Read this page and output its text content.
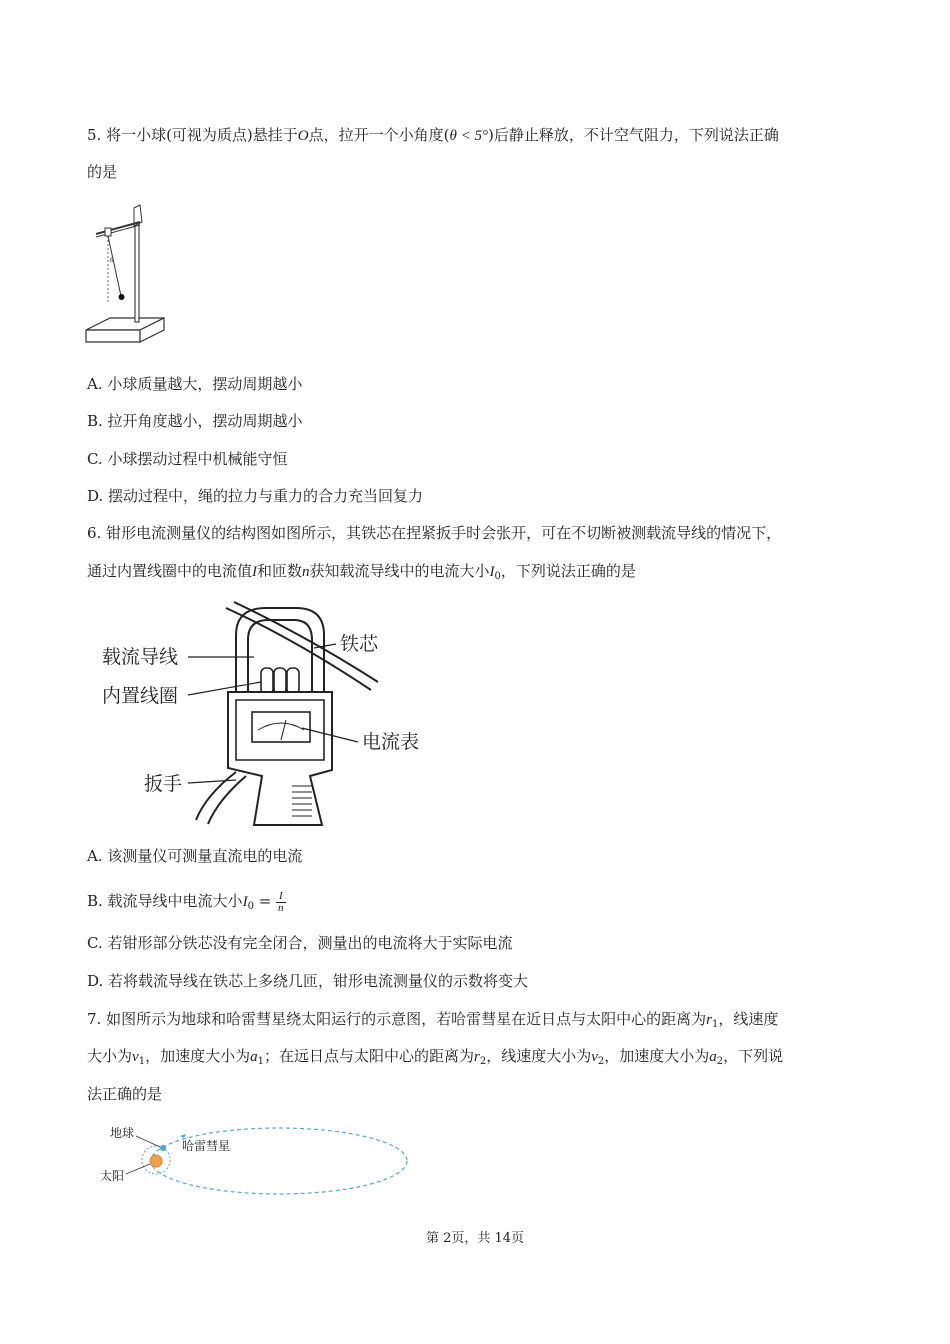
5. 将一小球(可视为质点)悬挂于O点，拉开一个小角度(θ < 5°)后静止释放，不计空气阻力，下列说法正确
的是
θ
A. 小球质量越大，摆动周期越小
B. 拉开角度越小，摆动周期越小
C. 小球摆动过程中机械能守恒
D. 摆动过程中，绳的拉力与重力的合力充当回复力
6. 钳形电流测量仪的结构图如图所示，其铁芯在捏紧扳手时会张开，可在不切断被测载流导线的情况下，
通过内置线圈中的电流值I和匝数n获知载流导线中的电流大小$I_0$，下列说法正确的是
铁芯
载流导线
内置线圈
电流表
扳手
A. 该测量仪可测量直流电的电流
B. 载流导线中电流大小$I_0 = \frac{I}{n}$
C. 若钳形部分铁芯没有完全闭合，测量出的电流将大于实际电流
D. 若将载流导线在铁芯上多绕几匝，钳形电流测量仪的示数将变大
7. 如图所示为地球和哈雷彗星绕太阳运行的示意图，若哈雷彗星在近日点与太阳中心的距离为$r_1$，线速度
大小为$v_1$，加速度大小为$a_1$；在远日点与太阳中心的距离为$r_2$，线速度大小为$v_2$，加速度大小为$a_2$，下列说
法正确的是
地球
哈雷彗星
太阳
第 2页，共 14页
